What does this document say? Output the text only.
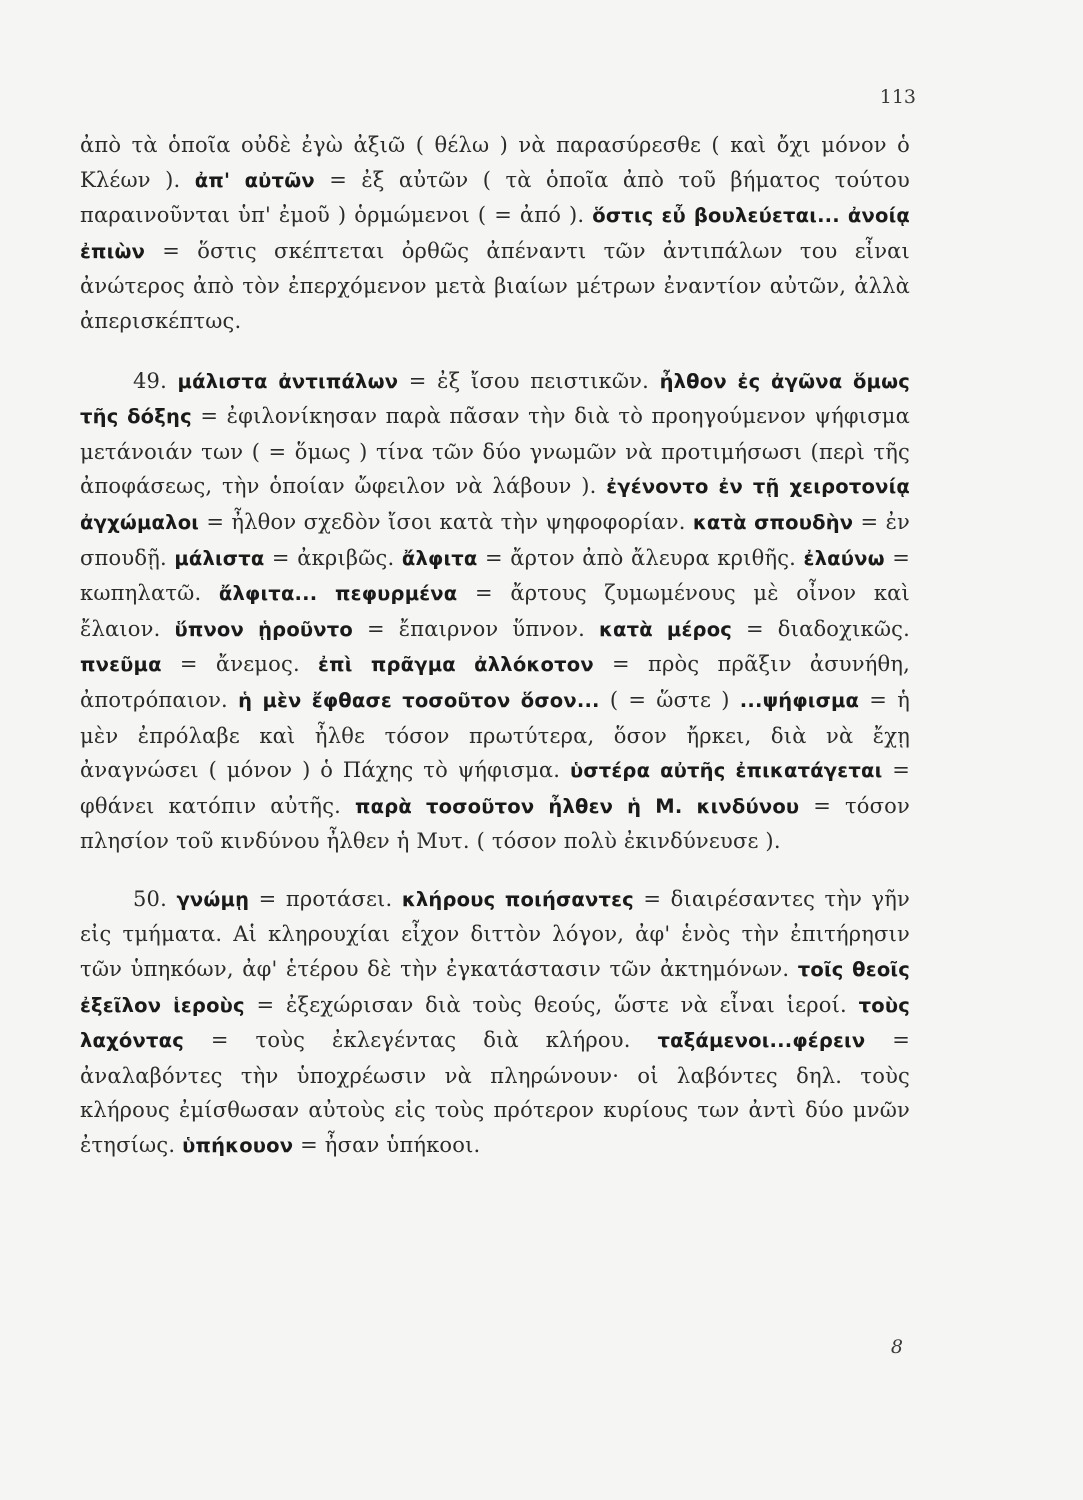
113

ἀπὸ τὰ ὁποῖα οὐδὲ ἐγὼ ἀξιῶ ( θέλω ) νὰ παρασύρεσθε ( καὶ ὄχι μόνον ὁ Κλέων ). ἀπ' αὐτῶν = ἐξ αὐτῶν ( τὰ ὁποῖα ἀπὸ τοῦ βήματος τούτου παραινοῦνται ὑπ' ἐμοῦ ) ὁρμώμενοι ( = ἀπό ). ὅστις εὖ βουλεύεται... ἀνοίᾳ ἐπιὼν = ὅστις σκέπτεται ὀρθῶς ἀπέναντι τῶν ἀντιπάλων του εἶναι ἀνώτερος ἀπὸ τὸν ἐπερχόμενον μετὰ βιαίων μέτρων ἐναντίον αὐτῶν, ἀλλὰ ἀπερισκέπτως.

49. μάλιστα ἀντιπάλων = ἐξ ἴσου πειστικῶν. ἦλθον ἐς ἀγῶνα ὅμως τῆς δόξης = ἐφιλονίκησαν παρὰ πᾶσαν τὴν διὰ τὸ προηγούμενον ψήφισμα μετάνοιάν των ( = ὅμως ) τίνα τῶν δύο γνωμῶν νὰ προτιμήσωσι (περὶ τῆς ἀποφάσεως, τὴν ὁποίαν ὤφειλον νὰ λάβουν ). ἐγένοντο ἐν τῇ χειροτονίᾳ ἀγχώμαλοι = ἦλθον σχεδὸν ἴσοι κατὰ τὴν ψηφοφορίαν. κατὰ σπουδὴν = ἐν σπουδῇ. μάλιστα = ἀκριβῶς. ἄλφιτα = ἄρτον ἀπὸ ἄλευρα κριθῆς. ἐλαύνω = κωπηλατῶ. ἄλφιτα... πεφυρμένα = ἄρτους ζυμωμένους μὲ οἶνον καὶ ἔλαιον. ὕπνον ᾑροῦντο = ἔπαιρνον ὕπνον. κατὰ μέρος = διαδοχικῶς. πνεῦμα = ἄνεμος. ἐπὶ πρᾶγμα ἀλλόκοτον = πρὸς πρᾶξιν ἀσυνήθη, ἀποτρόπαιον. ἡ μὲν ἔφθασε τοσοῦτον ὅσον... ( = ὥστε ) ...ψήφισμα = ἡ μὲν ἐπρόλαβε καὶ ἦλθε τόσον πρωτύτερα, ὅσον ἤρκει, διὰ νὰ ἔχῃ ἀναγνώσει ( μόνον ) ὁ Πάχης τὸ ψήφισμα. ὑστέρα αὐτῆς ἐπικατάγεται = φθάνει κατόπιν αὐτῆς. παρὰ τοσοῦτον ἦλθεν ἡ Μ. κινδύνου = τόσον πλησίον τοῦ κινδύνου ἦλθεν ἡ Μυτ. ( τόσον πολὺ ἐκινδύνευσε ).

50. γνώμῃ = προτάσει. κλήρους ποιήσαντες = διαιρέσαντες τὴν γῆν εἰς τμήματα. Αἱ κληρουχίαι εἶχον διττὸν λόγον, ἀφ' ἑνὸς τὴν ἐπιτήρησιν τῶν ὑπηκόων, ἀφ' ἑτέρου δὲ τὴν ἐγκατάστασιν τῶν ἀκτημόνων. τοῖς θεοῖς ἐξεῖλον ἱεροὺς = ἐξεχώρισαν διὰ τοὺς θεούς, ὥστε νὰ εἶναι ἱεροί. τοὺς λαχόντας = τοὺς ἐκλεγέντας διὰ κλήρου. ταξάμενοι...φέρειν = ἀναλαβόντες τὴν ὑποχρέωσιν νὰ πληρώνουν· οἱ λαβόντες δηλ. τοὺς κλήρους ἐμίσθωσαν αὐτοὺς εἰς τοὺς πρότερον κυρίους των ἀντὶ δύο μνῶν ἐτησίως. ὑπήκουον = ἦσαν ὑπήκοοι.

8
